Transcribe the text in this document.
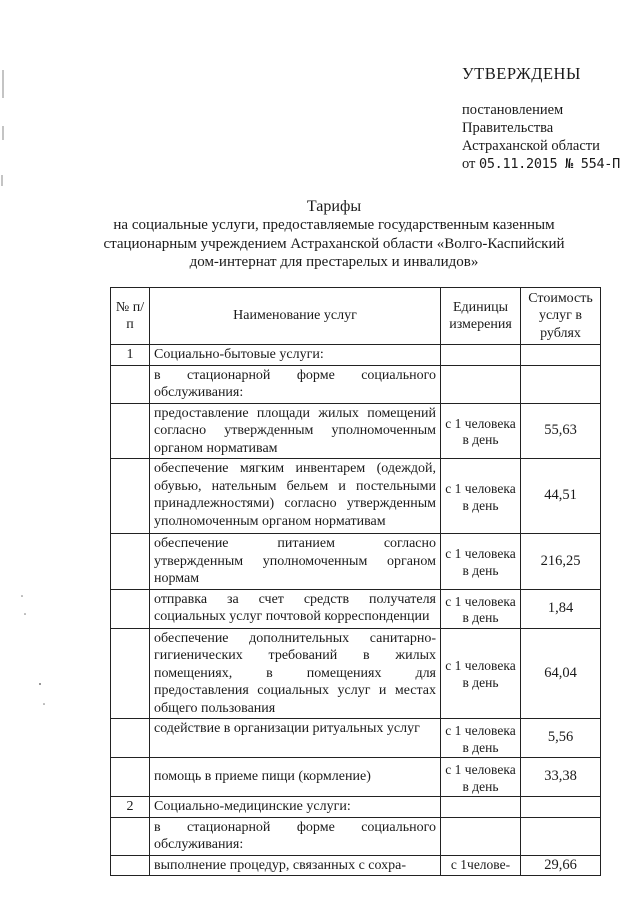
УТВЕРЖДЕНЫ
постановлением
Правительства
Астраханской области
от 05.11.2015 № 554-П
Тарифы
на социальные услуги, предоставляемые государственным казенным
стационарным учреждением Астраханской области «Волго-Каспийский
дом-интернат для престарелых и инвалидов»
№ п/п	Наименование услуг	Единицы измерения	Стоимость услуг в рублях
1	Социально-бытовые услуги:		
	в стационарной форме социального обслуживания:		
	предоставление площади жилых помещений согласно утвержденным уполномоченным органом нормативам	с 1 человека в день	55,63
	обеспечение мягким инвентарем (одеждой, обувью, нательным бельем и постельными принадлежностями) согласно утвержденным уполномоченным органом нормативам	с 1 человека в день	44,51
	обеспечение питанием согласно утвержденным уполномоченным органом нормам	с 1 человека в день	216,25
	отправка за счет средств получателя социальных услуг почтовой корреспонденции	с 1 человека в день	1,84
	обеспечение дополнительных санитарно-гигиенических требований в жилых помещениях, в помещениях для предоставления социальных услуг и местах общего пользования	с 1 человека в день	64,04
	содействие в организации ритуальных услуг	с 1 человека в день	5,56
	помощь в приеме пищи (кормление)	с 1 человека в день	33,38
2	Социально-медицинские услуги:		
	в стационарной форме социального обслуживания:		
	выполнение процедур, связанных с сохра-	с 1челове-	29,66
